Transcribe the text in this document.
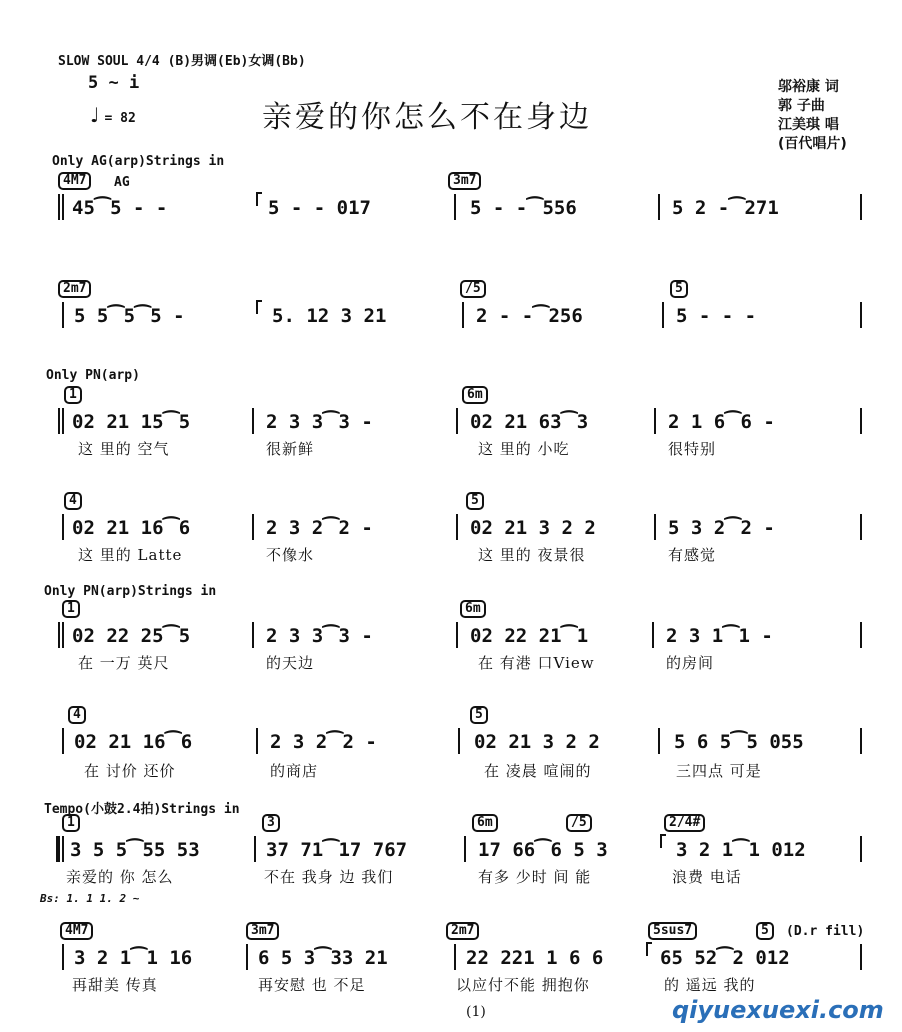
SLOW SOUL 4/4 (B)男调(Eb)女调(Bb)
5 ~ i
♩ = 82	亲爱的你怎么不在身边
邬裕康 词
郭 子曲
江美琪 唱
(百代唱片)
Only AG(arp)Strings in
4M7	AG	3m7
45⁀5 - -	5 - - 017	5 - -⁀556	5 2 -⁀271
2m7	/5	5
5 5⁀5⁀5 -	5. 12 3 21	2 - -⁀256	5 - - -
Only PN(arp)
1	6m
02 21 15⁀5	2 3 3⁀3 -	02 21 63⁀3	2 1 6⁀6 -
这 里的 空气	很新鲜	这 里的 小吃	很特别
4	5
02 21 16⁀6	2 3 2⁀2 -	02 21 3 2 2	5 3 2⁀2 -
这 里的 Latte	不像水	这 里的 夜景很	有感觉
Only PN(arp)Strings in
1	6m
02 22 25⁀5	2 3 3⁀3 -	02 22 21⁀1	2 3 1⁀1 -
在 一万 英尺	的天边	在 有港 口View	的房间
4	5
02 21 16⁀6	2 3 2⁀2 -	02 21 3 2 2	5 6 5⁀5 055
在 讨价 还价	的商店	在 凌晨 喧闹的	三四点 可是
Tempo(小鼓2.4拍)Strings in
1	3	6m	/5	2/4#
3 5 5⁀55 53	37 71⁀17 767	17 66⁀6 5 3	3 2 1⁀1 012
亲爱的 你 怎么	不在 我身 边 我们	有多 少时 间 能	浪费 电话
Bs: 1. 1 1. 2 ~
4M7	3m7	2m7	5sus7	5	(D.r fill)
3 2 1⁀1 16	6 5 3⁀33 21	22 221 1 6 6	65 52⁀2 012
再甜美 传真	再安慰 也 不足	以应付不能 拥抱你	的 遥远 我的
(1)	qiyuexuexi.com
